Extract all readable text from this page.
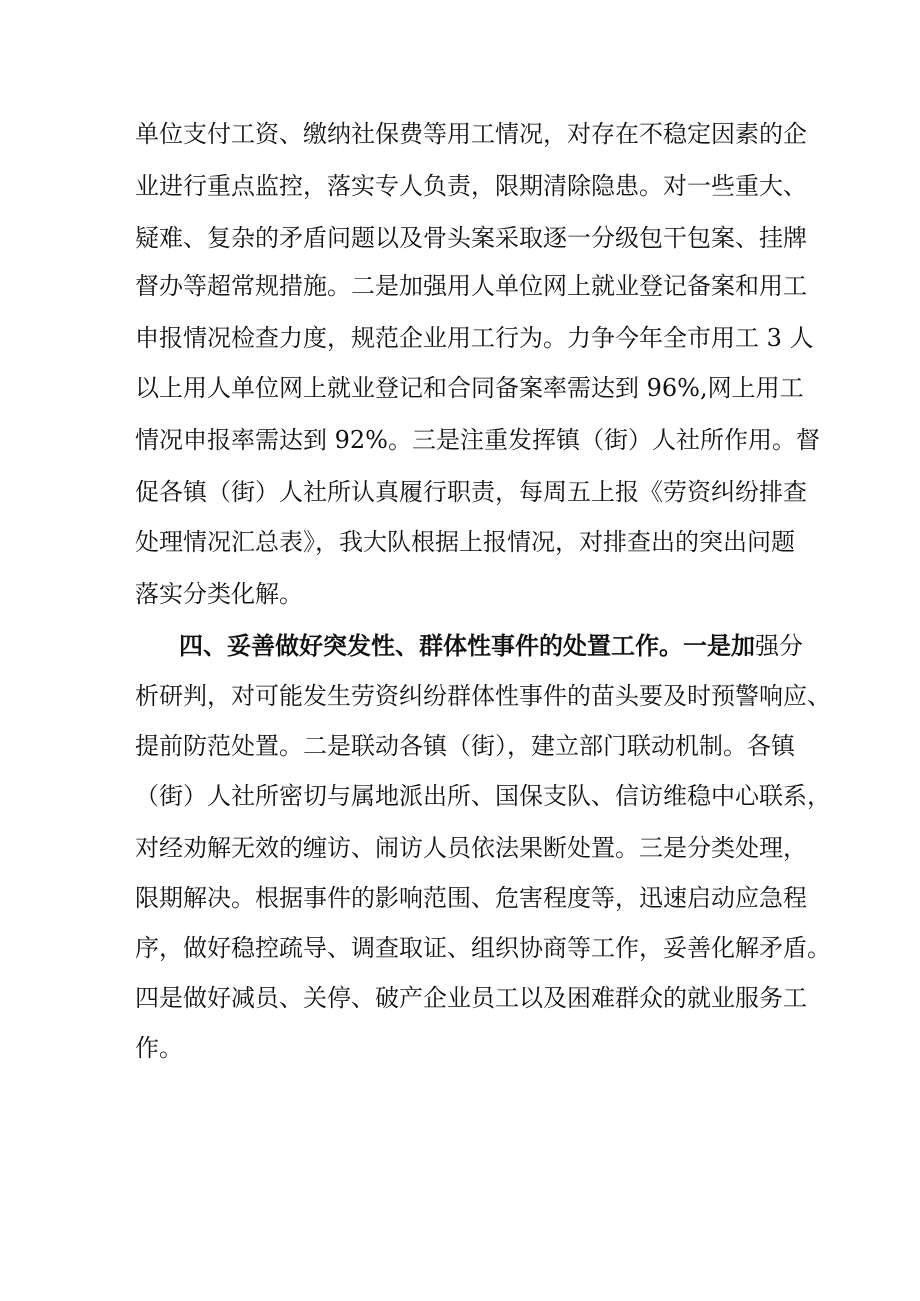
单位支付工资、缴纳社保费等用工情况，对存在不稳定因素的企
业进行重点监控，落实专人负责，限期清除隐患。对一些重大、
疑难、复杂的矛盾问题以及骨头案采取逐一分级包干包案、挂牌
督办等超常规措施。二是加强用人单位网上就业登记备案和用工
申报情况检查力度，规范企业用工行为。力争今年全市用工 3 人
以上用人单位网上就业登记和合同备案率需达到 96%,网上用工
情况申报率需达到 92%。三是注重发挥镇（街）人社所作用。督
促各镇（街）人社所认真履行职责，每周五上报《劳资纠纷排查
处理情况汇总表》，我大队根据上报情况，对排查出的突出问题
落实分类化解。
四、妥善做好突发性、群体性事件的处置工作。一是加强分
析研判，对可能发生劳资纠纷群体性事件的苗头要及时预警响应、
提前防范处置。二是联动各镇（街），建立部门联动机制。各镇
（街）人社所密切与属地派出所、国保支队、信访维稳中心联系，
对经劝解无效的缠访、闹访人员依法果断处置。三是分类处理，
限期解决。根据事件的影响范围、危害程度等，迅速启动应急程
序，做好稳控疏导、调查取证、组织协商等工作，妥善化解矛盾。
四是做好减员、关停、破产企业员工以及困难群众的就业服务工
作。
